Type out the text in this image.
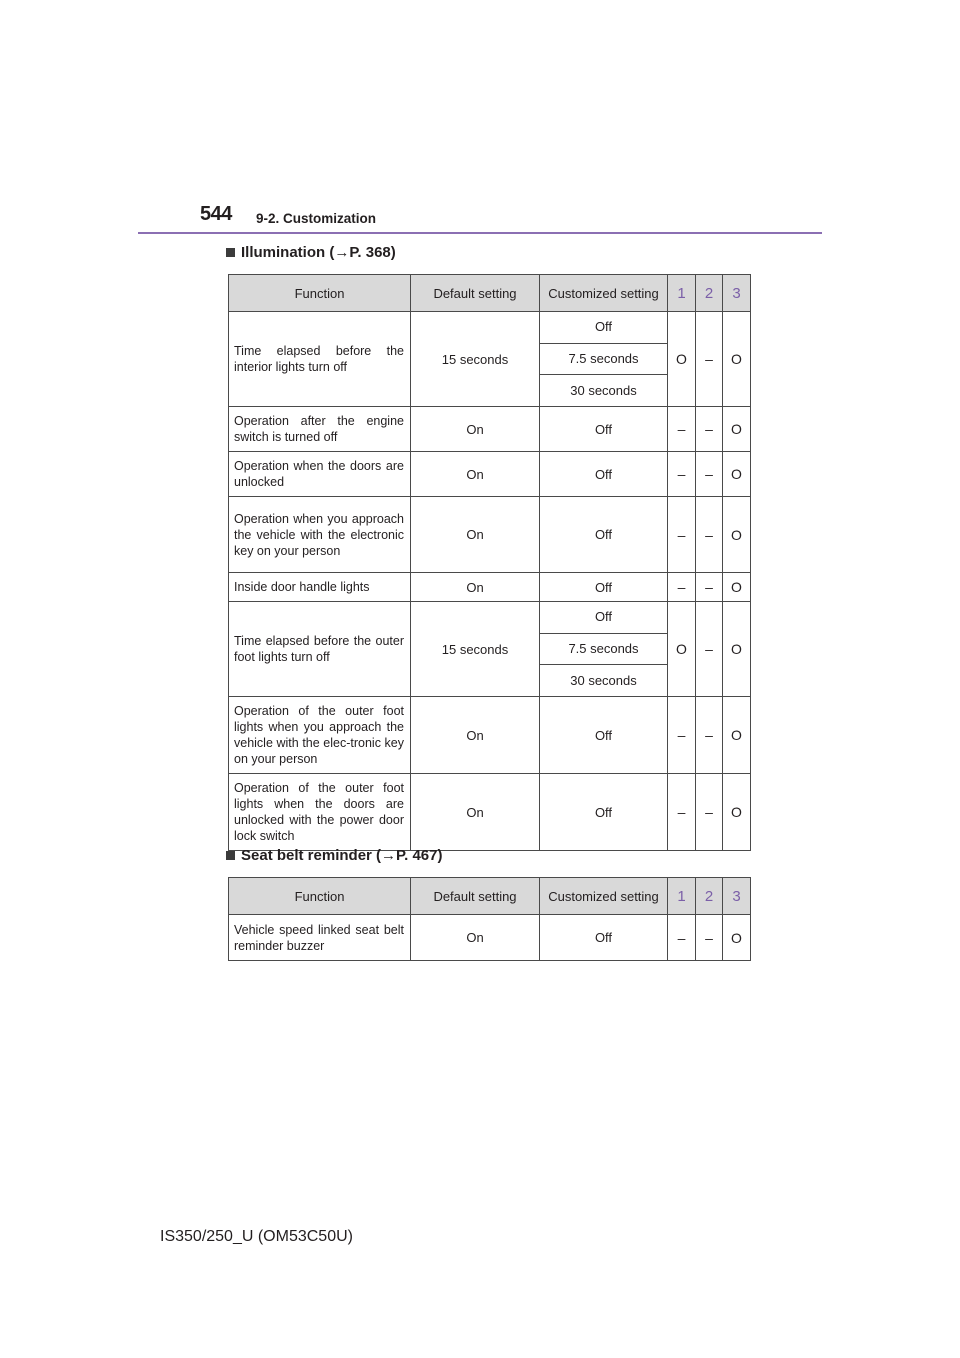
544 9-2. Customization
Illumination (→P. 368)
Function	Default setting	Customized setting	1	2	3
Time elapsed before the interior lights turn off	15 seconds	Off	O	–	O
		7.5 seconds			
		30 seconds			
Operation after the engine switch is turned off	On	Off	–	–	O
Operation when the doors are unlocked	On	Off	–	–	O
Operation when you approach the vehicle with the electronic key on your person	On	Off	–	–	O
Inside door handle lights	On	Off	–	–	O
Time elapsed before the outer foot lights turn off	15 seconds	Off	O	–	O
		7.5 seconds			
		30 seconds			
Operation of the outer foot lights when you approach the vehicle with the elec-tronic key on your person	On	Off	–	–	O
Operation of the outer foot lights when the doors are unlocked with the power door lock switch	On	Off	–	–	O
Seat belt reminder (→P. 467)
Function	Default setting	Customized setting	1	2	3
Vehicle speed linked seat belt reminder buzzer	On	Off	–	–	O
IS350/250_U (OM53C50U)
